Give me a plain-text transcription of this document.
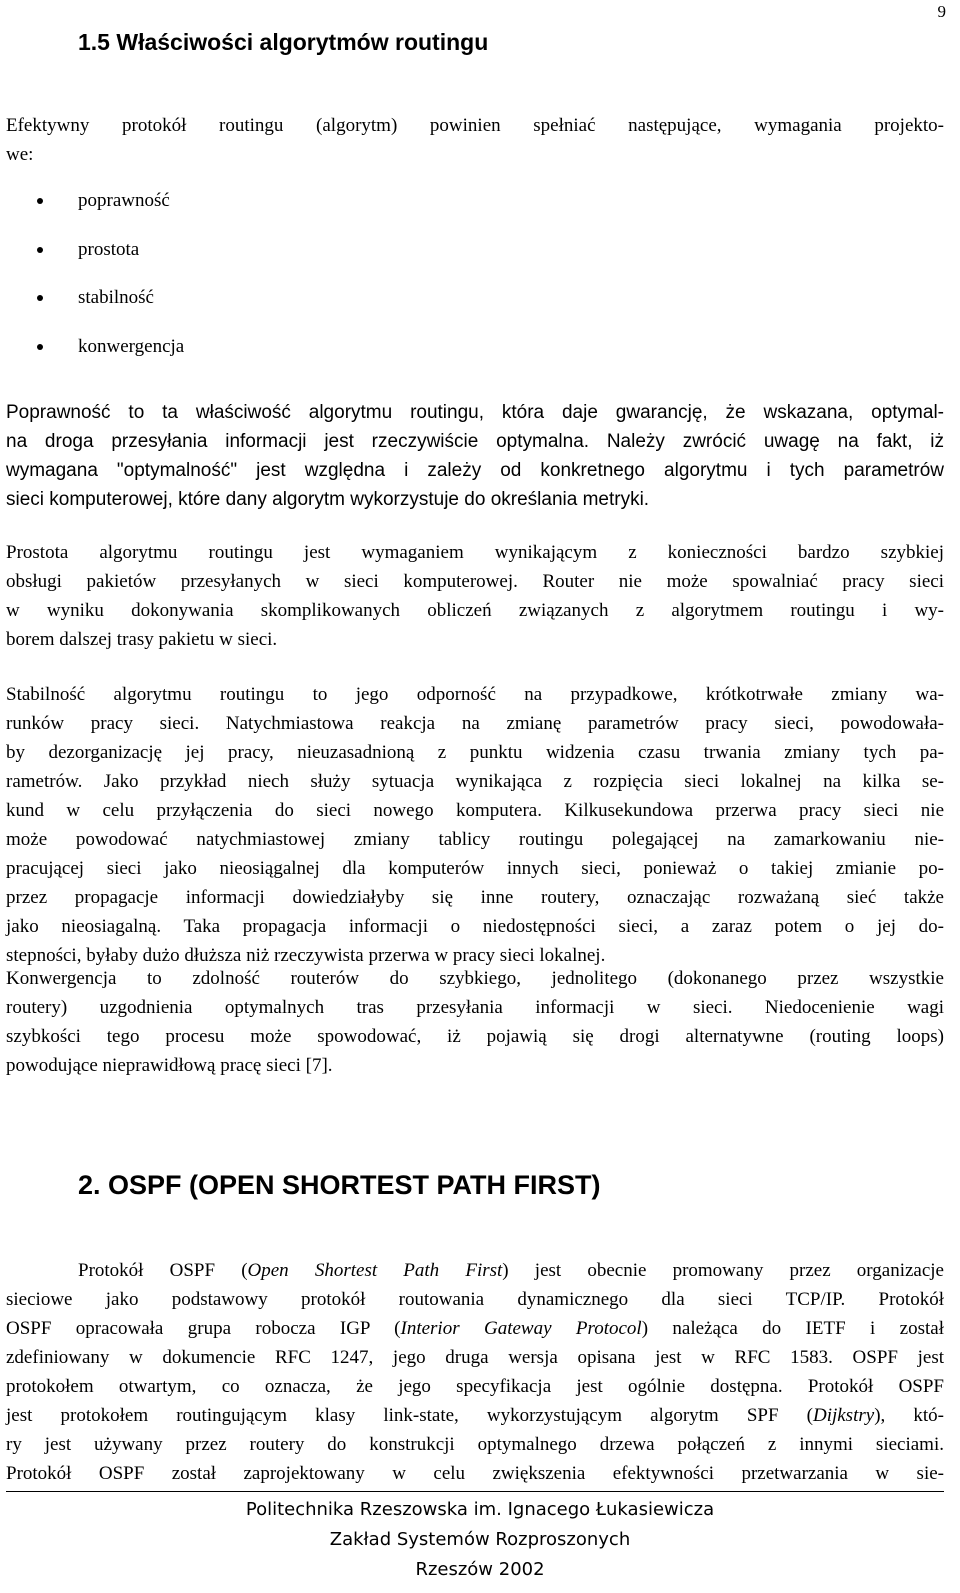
9
1.5 Właściwości algorytmów routingu
Efektywny protokół routingu (algorytm) powinien spełniać następujące, wymagania projekto-
we:
poprawność
prostota
stabilność
konwergencja
Poprawność to ta właściwość algorytmu routingu, która daje gwarancję, że wskazana, optymal-
na droga przesyłania informacji jest rzeczywiście optymalna. Należy zwrócić uwagę na fakt, iż
wymagana "optymalność" jest względna i zależy od konkretnego algorytmu i tych parametrów
sieci komputerowej, które dany algorytm wykorzystuje do określania metryki.
Prostota algorytmu routingu jest wymaganiem wynikającym z konieczności bardzo szybkiej
obsługi pakietów przesyłanych w sieci komputerowej. Router nie może spowalniać pracy sieci
w wyniku dokonywania skomplikowanych obliczeń związanych z algorytmem routingu i wy-
borem dalszej trasy pakietu w sieci.
Stabilność algorytmu routingu to jego odporność na przypadkowe, krótkotrwałe zmiany wa-
runków pracy sieci. Natychmiastowa reakcja na zmianę parametrów pracy sieci, powodowała-
by dezorganizację jej pracy, nieuzasadnioną z punktu widzenia czasu trwania zmiany tych pa-
rametrów. Jako przykład niech służy sytuacja wynikająca z rozpięcia sieci lokalnej na kilka se-
kund w celu przyłączenia do sieci nowego komputera. Kilkusekundowa przerwa pracy sieci nie
może powodować natychmiastowej zmiany tablicy routingu polegającej na zamarkowaniu nie-
pracującej sieci jako nieosiągalnej dla komputerów innych sieci, ponieważ o takiej zmianie po-
przez propagacje informacji dowiedziałyby się inne routery, oznaczając rozważaną sieć także
jako nieosiagalną. Taka propagacja informacji o niedostępności sieci, a zaraz potem o jej do-
stepności, byłaby dużo dłuższa niż rzeczywista przerwa w pracy sieci lokalnej.
Konwergencja to zdolność routerów do szybkiego, jednolitego (dokonanego przez wszystkie
routery) uzgodnienia optymalnych tras przesyłania informacji w sieci. Niedocenienie wagi
szybkości tego procesu może spowodować, iż pojawią się drogi alternatywne (routing loops)
powodujące nieprawidłową pracę sieci [7].
2. OSPF (OPEN SHORTEST PATH FIRST)
Protokół OSPF (Open Shortest Path First) jest obecnie promowany przez organizacje
sieciowe jako podstawowy protokół routowania dynamicznego dla sieci TCP/IP. Protokół
OSPF opracowała grupa robocza IGP (Interior Gateway Protocol) należąca do IETF i został
zdefiniowany w dokumencie RFC 1247, jego druga wersja opisana jest w RFC 1583. OSPF jest
protokołem otwartym, co oznacza, że jego specyfikacja jest ogólnie dostępna. Protokół OSPF
jest protokołem routingującym klasy link-state, wykorzystującym algorytm SPF (Dijkstry), któ-
ry jest używany przez routery do konstrukcji optymalnego drzewa połączeń z innymi sieciami.
Protokół OSPF został zaprojektowany w celu zwiększenia efektywności przetwarzania w sie-
Politechnika Rzeszowska im. Ignacego Łukasiewicza
Zakład Systemów Rozproszonych
Rzeszów 2002
